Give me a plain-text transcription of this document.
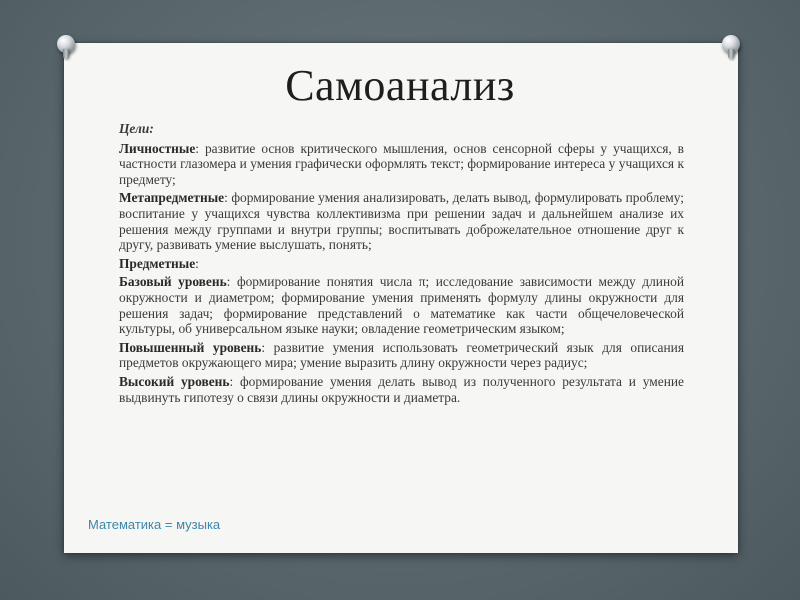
Самоанализ

Цели:

Личностные: развитие основ критического мышления, основ сенсорной сферы у учащихся, в частности глазомера и умения графически оформлять текст; формирование интереса у учащихся к предмету;

Метапредметные: формирование умения анализировать, делать вывод, формулировать проблему; воспитание у учащихся чувства коллективизма при решении задач и дальнейшем анализе их решения между группами и внутри группы; воспитывать доброжелательное отношение друг к другу, развивать умение выслушать, понять;

Предметные:

Базовый уровень: формирование понятия числа π; исследование зависимости между длиной окружности и диаметром; формирование умения применять формулу длины окружности для решения задач; формирование представлений о математике как части общечеловеческой культуры, об универсальном языке науки; овладение геометрическим языком;

Повышенный уровень: развитие умения использовать геометрический язык для описания предметов окружающего мира; умение выразить длину окружности через радиус;

Высокий уровень: формирование умения делать вывод из полученного результата и умение выдвинуть гипотезу о связи длины окружности и диаметра.

Математика = музыка
